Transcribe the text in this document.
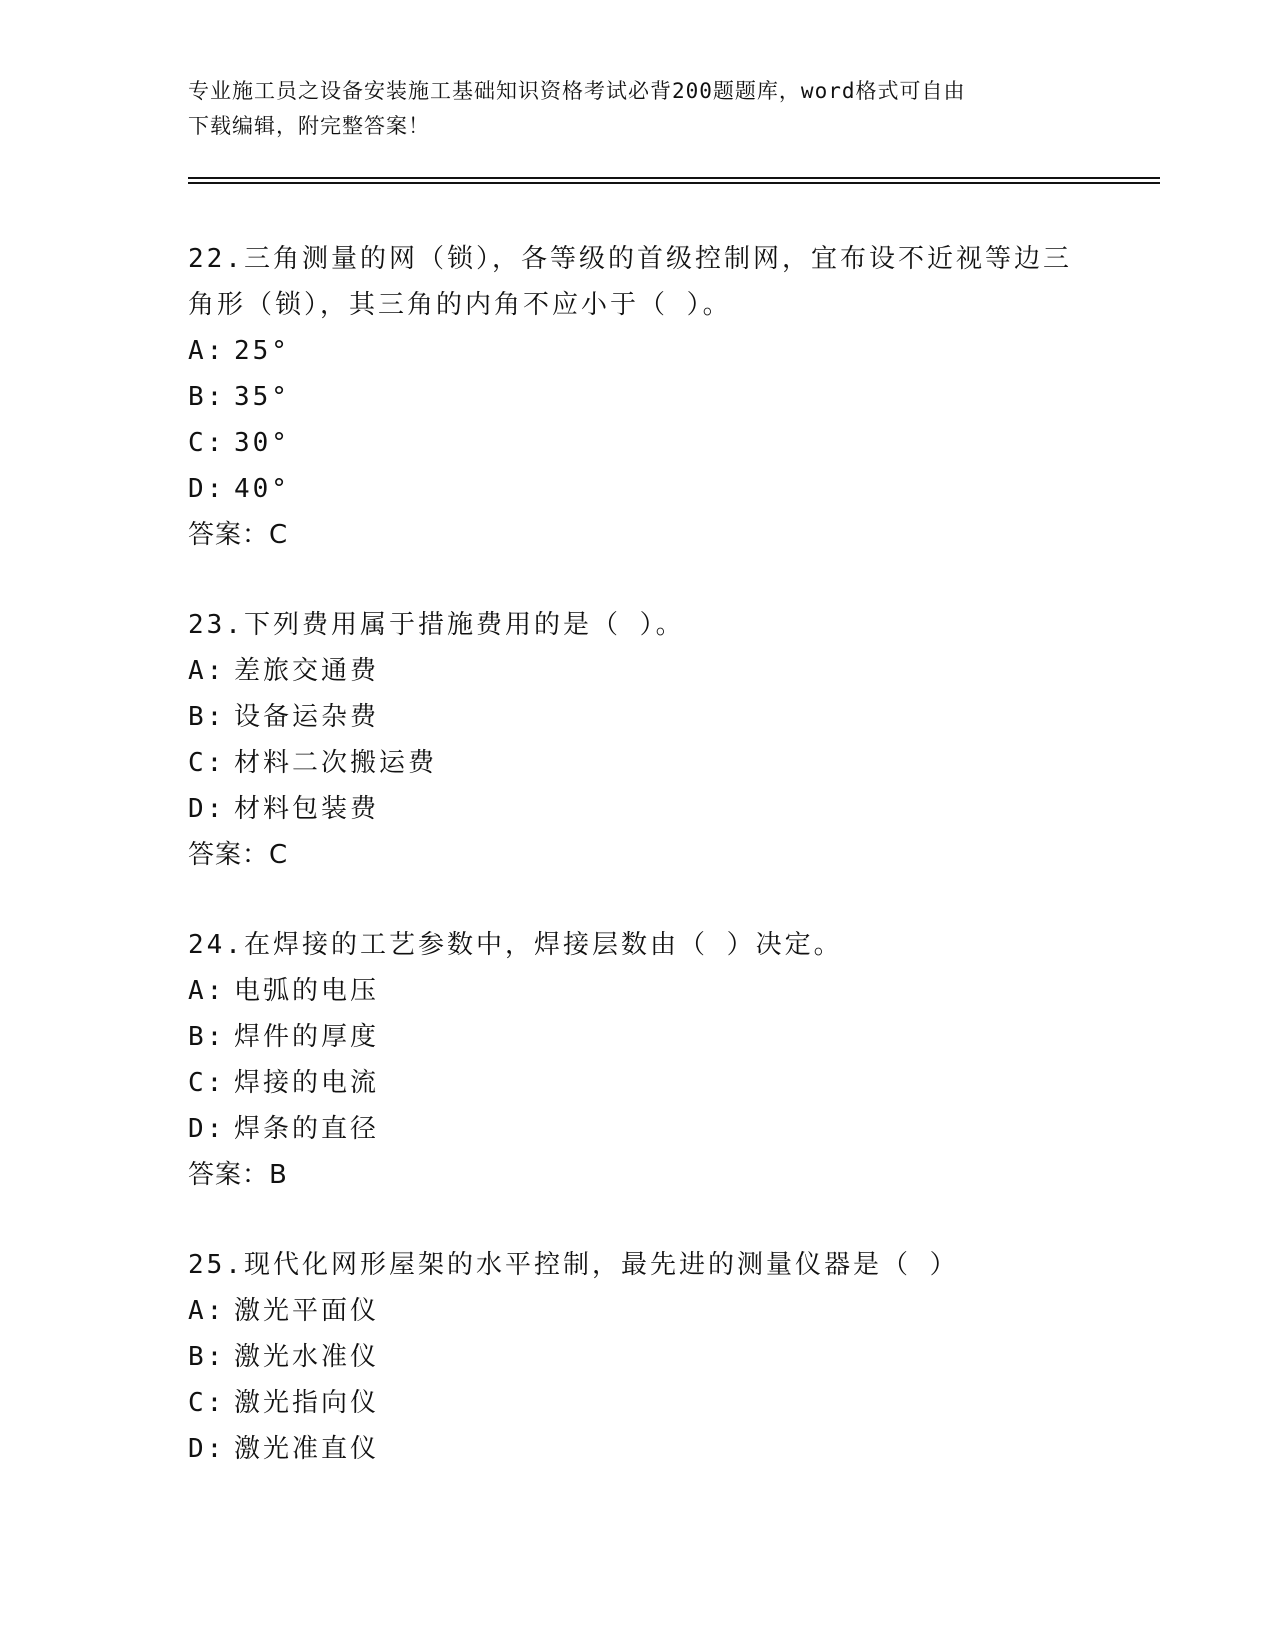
专业施工员之设备安装施工基础知识资格考试必背200题题库，word格式可自由
下载编辑，附完整答案！

22.三角测量的网（锁），各等级的首级控制网，宜布设不近视等边三

角形（锁），其三角的内角不应小于（ ）。

A: 25°

B: 35°

C: 30°

D: 40°

答案：C

23.下列费用属于措施费用的是（ ）。

A: 差旅交通费

B: 设备运杂费

C: 材料二次搬运费

D: 材料包装费

答案：C

24.在焊接的工艺参数中，焊接层数由（ ）决定。

A: 电弧的电压

B: 焊件的厚度

C: 焊接的电流

D: 焊条的直径

答案：B

25.现代化网形屋架的水平控制，最先进的测量仪器是（ ）

A: 激光平面仪

B: 激光水准仪

C: 激光指向仪

D: 激光准直仪
